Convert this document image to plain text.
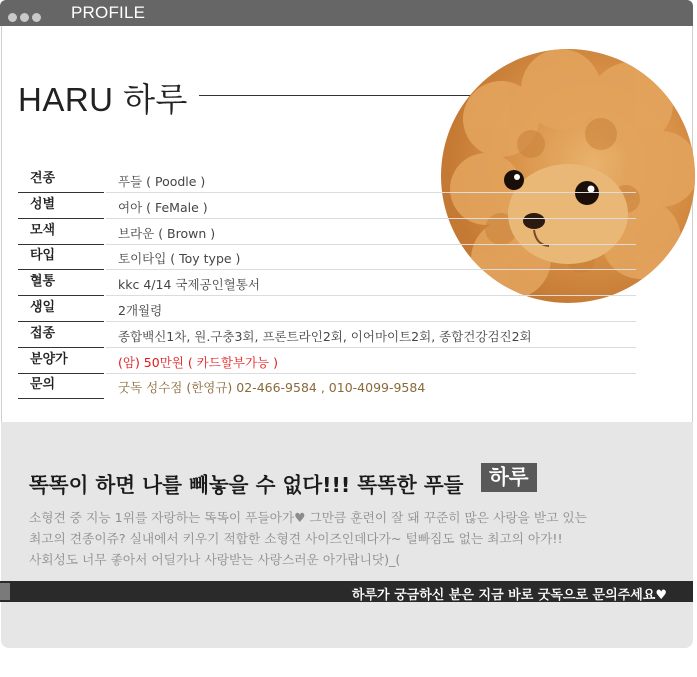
PROFILE
HARU 하루
견종	푸들 ( Poodle )
성별	여아 ( FeMale )
모색	브라운 ( Brown )
타입	토이타입 ( Toy type )
혈통	kkc 4/14 국제공인혈통서
생일	2개월령
접종	종합백신1차, 원.구충3회, 프론트라인2회, 이어마이트2회, 종합건강검진2회
분양가	(암) 50만원 ( 카드할부가능 )
문의	굿독 성수점 (한영규) 02-466-9584 , 010-4099-9584
똑똑이 하면 나를 빼놓을 수 없다!!! 똑똑한 푸들	하루
소형견 중 지능 1위를 자랑하는 똑똑이 푸들아가♥ 그만큼 훈련이 잘 돼 꾸준히 많은 사랑을 받고 있는
최고의 견종이쥬? 실내에서 키우기 적합한 소형견 사이즈인데다가~ 털빠짐도 없는 최고의 아가!!
사회성도 너무 좋아서 어딜가나 사랑받는 사랑스러운 아가랍니닷)_(
하루가 궁금하신 분은 지금 바로 굿독으로 문의주세요♥
